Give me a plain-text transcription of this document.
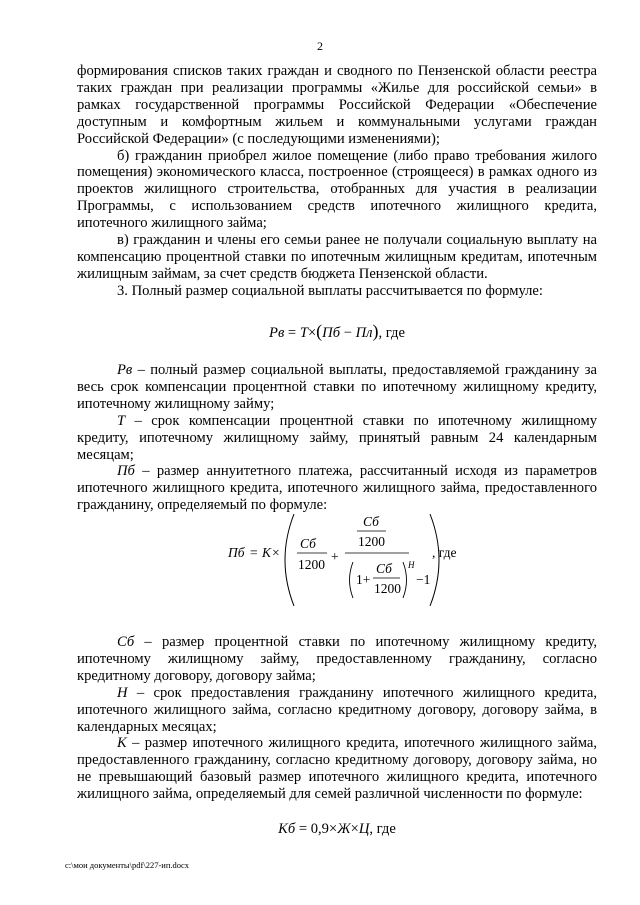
2

формирования списков таких граждан и сводного по Пензенской области реестра таких граждан при реализации программы «Жилье для российской семьи» в рамках государственной программы Российской Федерации «Обеспечение доступным и комфортным жильем и коммунальными услугами граждан Российской Федерации» (с последующими изменениями);

б) гражданин приобрел жилое помещение (либо право требования жилого помещения) экономического класса, построенное (строящееся) в рамках одного из проектов жилищного строительства, отобранных для участия в реализации Программы, с использованием средств ипотечного жилищного кредита, ипотечного жилищного займа;

в) гражданин и члены его семьи ранее не получали социальную выплату на компенсацию процентной ставки по ипотечным жилищным кредитам, ипотечным жилищным займам, за счет средств бюджета Пензенской области.

3. Полный размер социальной выплаты рассчитывается по формуле:

Рв = Т×(Пб − Пл), где

Рв – полный размер социальной выплаты, предоставляемой гражданину за весь срок компенсации процентной ставки по ипотечному жилищному кредиту, ипотечному жилищному займу;

Т – срок компенсации процентной ставки по ипотечному жилищному кредиту, ипотечному жилищному займу, принятый равным 24 календарным месяцам;

Пб – размер аннуитетного платежа, рассчитанный исходя из параметров ипотечного жилищного кредита, ипотечного жилищного займа, предоставленного гражданину, определяемый по формуле:

Пб = К ×
Сб
1200
+
Сб
1200
1+
Сб
1200
Н
−1
, где

Сб – размер процентной ставки по ипотечному жилищному кредиту, ипотечному жилищному займу, предоставленному гражданину, согласно кредитному договору, договору займа;

Н – срок предоставления гражданину ипотечного жилищного кредита, ипотечного жилищного займа, согласно кредитному договору, договору займа, в календарных месяцах;

К – размер ипотечного жилищного кредита, ипотечного жилищного займа, предоставленного гражданину, согласно кредитному договору, договору займа, но не превышающий базовый размер ипотечного жилищного кредита, ипотечного жилищного займа, определяемый для семей различной численности по формуле:

Кб = 0,9×Ж×Ц, где
c:\мои документы\pdf\227-ип.docx
